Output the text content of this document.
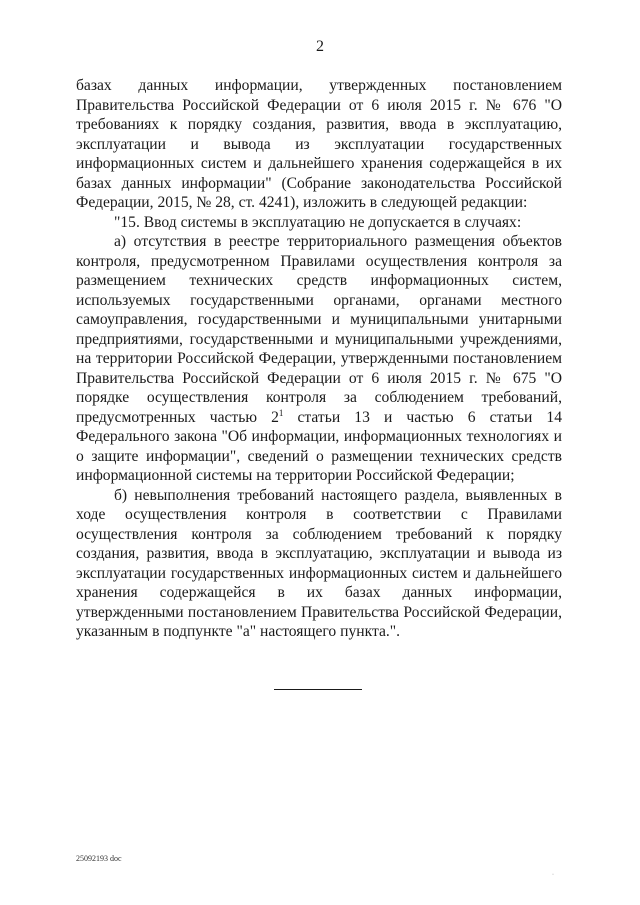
2

базах данных информации, утвержденных постановлением Правительства Российской Федерации от 6 июля 2015 г. № 676 "О требованиях к порядку создания, развития, ввода в эксплуатацию, эксплуатации и вывода из эксплуатации государственных информационных систем и дальнейшего хранения содержащейся в их базах данных информации" (Собрание законодательства Российской Федерации, 2015, № 28, ст. 4241), изложить в следующей редакции:

"15. Ввод системы в эксплуатацию не допускается в случаях:

а) отсутствия в реестре территориального размещения объектов контроля, предусмотренном Правилами осуществления контроля за размещением технических средств информационных систем, используемых государственными органами, органами местного самоуправления, государственными и муниципальными унитарными предприятиями, государственными и муниципальными учреждениями, на территории Российской Федерации, утвержденными постановлением Правительства Российской Федерации от 6 июля 2015 г. № 675 "О порядке осуществления контроля за соблюдением требований, предусмотренных частью $2^1$ статьи 13 и частью 6 статьи 14 Федерального закона "Об информации, информационных технологиях и о защите информации", сведений о размещении технических средств информационной системы на территории Российской Федерации;

б) невыполнения требований настоящего раздела, выявленных в ходе осуществления контроля в соответствии с Правилами осуществления контроля за соблюдением требований к порядку создания, развития, ввода в эксплуатацию, эксплуатации и вывода из эксплуатации государственных информационных систем и дальнейшего хранения содержащейся в их базах данных информации, утвержденными постановлением Правительства Российской Федерации, указанным в подпункте "а" настоящего пункта.".

25092193 doc
·
